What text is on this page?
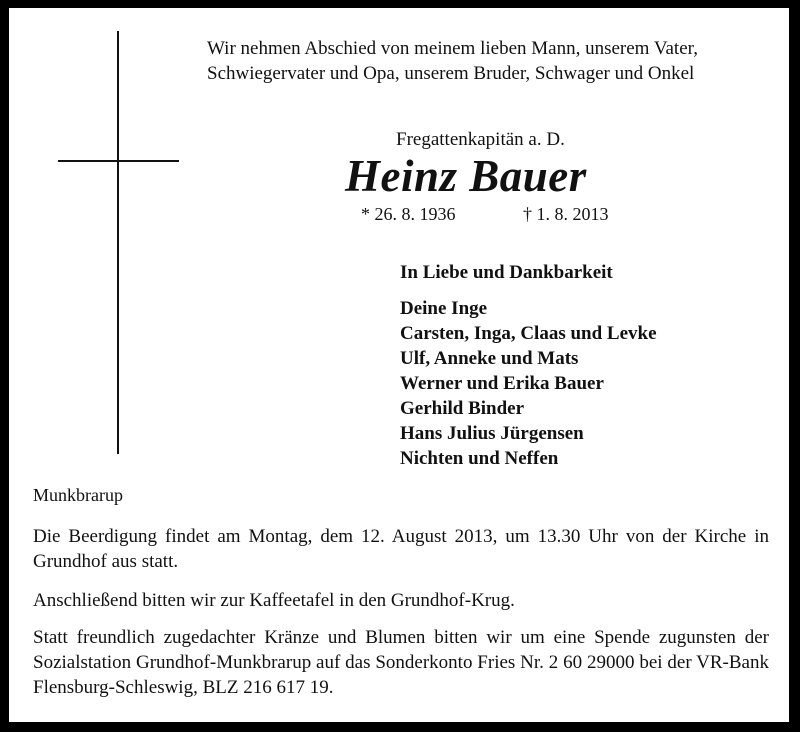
Wir nehmen Abschied von meinem lieben Mann, unserem Vater,
Schwiegervater und Opa, unserem Bruder, Schwager und Onkel
Fregattenkapitän a. D.
Heinz Bauer
* 26. 8. 1936	† 1. 8. 2013
In Liebe und Dankbarkeit
Deine Inge
Carsten, Inga, Claas und Levke
Ulf, Anneke und Mats
Werner und Erika Bauer
Gerhild Binder
Hans Julius Jürgensen
Nichten und Neffen
Munkbrarup
Die Beerdigung findet am Montag, dem 12. August 2013, um 13.30 Uhr von der Kirche in Grundhof aus statt.
Anschließend bitten wir zur Kaffeetafel in den Grundhof-Krug.
Statt freundlich zugedachter Kränze und Blumen bitten wir um eine Spende zugunsten der Sozialstation Grundhof-Munkbrarup auf das Sonderkonto Fries Nr. 2 60 29000 bei der VR-Bank Flensburg-Schleswig, BLZ 216 617 19.
